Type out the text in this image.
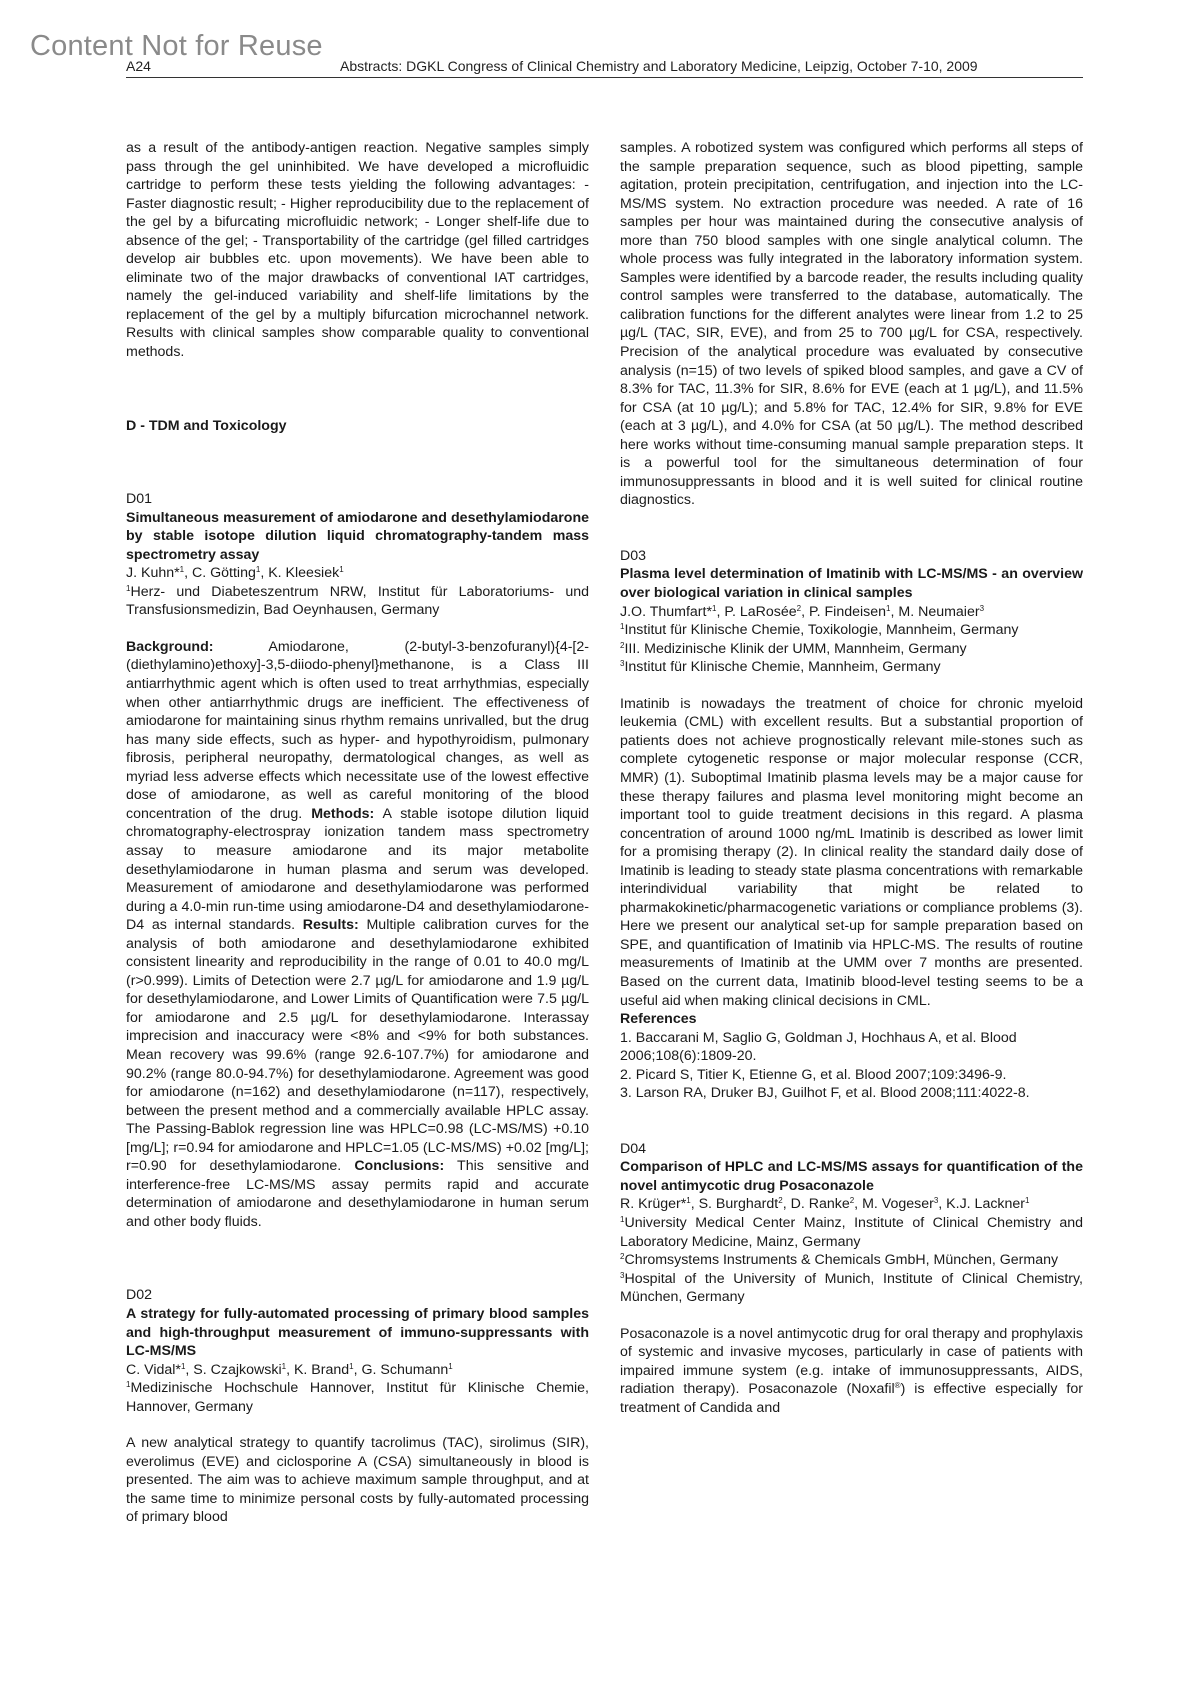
Content Not for Reuse
A24	Abstracts: DGKL Congress of Clinical Chemistry and Laboratory Medicine, Leipzig, October 7-10, 2009

as a result of the antibody-antigen reaction. Negative samples simply pass through the gel uninhibited. We have developed a microfluidic cartridge to perform these tests yielding the following advantages: - Faster diagnostic result; - Higher reproducibility due to the replacement of the gel by a bifurcating microfluidic network; - Longer shelf-life due to absence of the gel; - Transportability of the cartridge (gel filled cartridges develop air bubbles etc. upon movements). We have been able to eliminate two of the major drawbacks of conventional IAT cartridges, namely the gel-induced variability and shelf-life limitations by the replacement of the gel by a multiply bifurcation microchannel network. Results with clinical samples show comparable quality to conventional methods.

D - TDM and Toxicology

D01

Simultaneous measurement of amiodarone and desethylamiodarone by stable isotope dilution liquid chromatography-tandem mass spectrometry assay

J. Kuhn*$^1$, C. Götting$^1$, K. Kleesiek$^1$

$^1$Herz- und Diabeteszentrum NRW, Institut für Laboratoriums- und Transfusionsmedizin, Bad Oeynhausen, Germany

Background: Amiodarone, (2-butyl-3-benzofuranyl){4-[2-(diethylamino)ethoxy]-3,5-diiodo-phenyl}methanone, is a Class III antiarrhythmic agent which is often used to treat arrhythmias, especially when other antiarrhythmic drugs are inefficient. The effectiveness of amiodarone for maintaining sinus rhythm remains unrivalled, but the drug has many side effects, such as hyper- and hypothyroidism, pulmonary fibrosis, peripheral neuropathy, dermatological changes, as well as myriad less adverse effects which necessitate use of the lowest effective dose of amiodarone, as well as careful monitoring of the blood concentration of the drug. Methods: A stable isotope dilution liquid chromatography-electrospray ionization tandem mass spectrometry assay to measure amiodarone and its major metabolite desethylamiodarone in human plasma and serum was developed. Measurement of amiodarone and desethylamiodarone was performed during a 4.0-min run-time using amiodarone-D4 and desethylamiodarone-D4 as internal standards. Results: Multiple calibration curves for the analysis of both amiodarone and desethylamiodarone exhibited consistent linearity and reproducibility in the range of 0.01 to 40.0 mg/L (r>0.999). Limits of Detection were 2.7 µg/L for amiodarone and 1.9 µg/L for desethylamiodarone, and Lower Limits of Quantification were 7.5 µg/L for amiodarone and 2.5 µg/L for desethylamiodarone. Interassay imprecision and inaccuracy were <8% and <9% for both substances. Mean recovery was 99.6% (range 92.6-107.7%) for amiodarone and 90.2% (range 80.0-94.7%) for desethylamiodarone. Agreement was good for amiodarone (n=162) and desethylamiodarone (n=117), respectively, between the present method and a commercially available HPLC assay. The Passing-Bablok regression line was HPLC=0.98 (LC-MS/MS) +0.10 [mg/L]; r=0.94 for amiodarone and HPLC=1.05 (LC-MS/MS) +0.02 [mg/L]; r=0.90 for desethylamiodarone. Conclusions: This sensitive and interference-free LC-MS/MS assay permits rapid and accurate determination of amiodarone and desethylamiodarone in human serum and other body fluids.

D02

A strategy for fully-automated processing of primary blood samples and high-throughput measurement of immuno-suppressants with LC-MS/MS

C. Vidal*$^1$, S. Czajkowski$^1$, K. Brand$^1$, G. Schumann$^1$

$^1$Medizinische Hochschule Hannover, Institut für Klinische Chemie, Hannover, Germany

A new analytical strategy to quantify tacrolimus (TAC), sirolimus (SIR), everolimus (EVE) and ciclosporine A (CSA) simultaneously in blood is presented. The aim was to achieve maximum sample throughput, and at the same time to minimize personal costs by fully-automated processing of primary blood

samples. A robotized system was configured which performs all steps of the sample preparation sequence, such as blood pipetting, sample agitation, protein precipitation, centrifugation, and injection into the LC-MS/MS system. No extraction procedure was needed. A rate of 16 samples per hour was maintained during the consecutive analysis of more than 750 blood samples with one single analytical column. The whole process was fully integrated in the laboratory information system. Samples were identified by a barcode reader, the results including quality control samples were transferred to the database, automatically. The calibration functions for the different analytes were linear from 1.2 to 25 µg/L (TAC, SIR, EVE), and from 25 to 700 µg/L for CSA, respectively. Precision of the analytical procedure was evaluated by consecutive analysis (n=15) of two levels of spiked blood samples, and gave a CV of 8.3% for TAC, 11.3% for SIR, 8.6% for EVE (each at 1 µg/L), and 11.5% for CSA (at 10 µg/L); and 5.8% for TAC, 12.4% for SIR, 9.8% for EVE (each at 3 µg/L), and 4.0% for CSA (at 50 µg/L). The method described here works without time-consuming manual sample preparation steps. It is a powerful tool for the simultaneous determination of four immunosuppressants in blood and it is well suited for clinical routine diagnostics.

D03

Plasma level determination of Imatinib with LC-MS/MS - an overview over biological variation in clinical samples

J.O. Thumfart*$^1$, P. LaRosée$^2$, P. Findeisen$^1$, M. Neumaier$^3$

$^1$Institut für Klinische Chemie, Toxikologie, Mannheim, Germany

$^2$III. Medizinische Klinik der UMM, Mannheim, Germany

$^3$Institut für Klinische Chemie, Mannheim, Germany

Imatinib is nowadays the treatment of choice for chronic myeloid leukemia (CML) with excellent results. But a substantial proportion of patients does not achieve prognostically relevant mile-stones such as complete cytogenetic response or major molecular response (CCR, MMR) (1). Suboptimal Imatinib plasma levels may be a major cause for these therapy failures and plasma level monitoring might become an important tool to guide treatment decisions in this regard. A plasma concentration of around 1000 ng/mL Imatinib is described as lower limit for a promising therapy (2). In clinical reality the standard daily dose of Imatinib is leading to steady state plasma concentrations with remarkable interindividual variability that might be related to pharmakokinetic/pharmacogenetic variations or compliance problems (3). Here we present our analytical set-up for sample preparation based on SPE, and quantification of Imatinib via HPLC-MS. The results of routine measurements of Imatinib at the UMM over 7 months are presented. Based on the current data, Imatinib blood-level testing seems to be a useful aid when making clinical decisions in CML.

References

1. Baccarani M, Saglio G, Goldman J, Hochhaus A, et al. Blood 2006;108(6):1809-20.

2. Picard S, Titier K, Etienne G, et al. Blood 2007;109:3496-9.

3. Larson RA, Druker BJ, Guilhot F, et al. Blood 2008;111:4022-8.

D04

Comparison of HPLC and LC-MS/MS assays for quantification of the novel antimycotic drug Posaconazole

R. Krüger*$^1$, S. Burghardt$^2$, D. Ranke$^2$, M. Vogeser$^3$, K.J. Lackner$^1$

$^1$University Medical Center Mainz, Institute of Clinical Chemistry and Laboratory Medicine, Mainz, Germany

$^2$Chromsystems Instruments & Chemicals GmbH, München, Germany

$^3$Hospital of the University of Munich, Institute of Clinical Chemistry, München, Germany

Posaconazole is a novel antimycotic drug for oral therapy and prophylaxis of systemic and invasive mycoses, particularly in case of patients with impaired immune system (e.g. intake of immunosuppressants, AIDS, radiation therapy). Posaconazole (Noxafil®) is effective especially for treatment of Candida and
